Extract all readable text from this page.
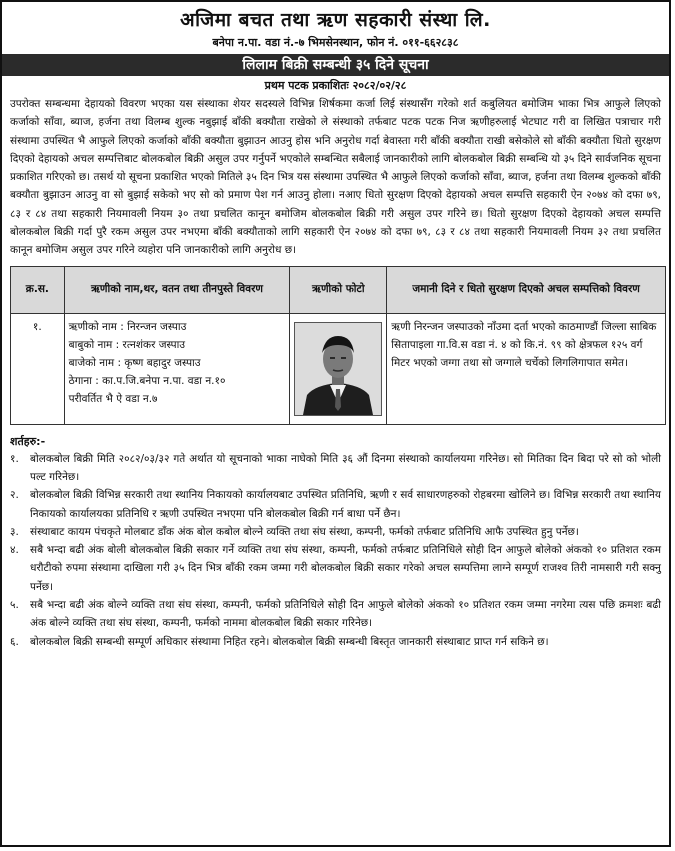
अजिमा बचत तथा ऋण सहकारी संस्था लि.
बनेपा न.पा. वडा नं.-७ भिमसेनस्थान, फोन नं. ०११-६६२८३८
लिलाम बिक्री सम्बन्धी ३५ दिने सूचना
प्रथम पटक प्रकाशितः २०८२/०२/२८
उपरोक्त सम्बन्धमा देहायको विवरण भएका यस संस्थाका शेयर सदस्यले विभिन्न शिर्षकमा कर्जा लिई संस्थासँग गरेको शर्त कबुलियत बमोजिम भाका भित्र आफुले लिएको कर्जाको साँवा, ब्याज, हर्जना तथा विलम्ब शुल्क नबुझाई बाँकी बक्यौता राखेको ले संस्थाको तर्फबाट पटक पटक निज ऋणीहरुलाई भेटघाट गरी वा लिखित पत्राचार गरी संस्थामा उपस्थित भै आफुले लिएको कर्जाको बाँकी बक्यौता बुझाउन आउनु होस भनि अनुरोध गर्दा बेवास्ता गरी बाँकी बक्यौता राखी बसेकोले सो बाँकी बक्यौता धितो सुरक्षण दिएको देहायको अचल सम्पत्तिबाट बोलकबोल बिक्री असुल उपर गर्नुपर्ने भएकोले सम्बन्धित सबैलाई जानकारीको लागि बोलकबोल बिक्री सम्बन्धि यो ३५ दिने सार्वजनिक सूचना प्रकाशित गरिएको छ। तसर्थ यो सूचना प्रकाशित भएको मितिले ३५ दिन भित्र यस संस्थामा उपस्थित भै आफुले लिएको कर्जाको साँवा, ब्याज, हर्जना तथा विलम्ब शुल्कको बाँकी बक्यौता बुझाउन आउनु वा सो बुझाई सकेको भए सो को प्रमाण पेश गर्न आउनु होला। नआए धितो सुरक्षण दिएको देहायको अचल सम्पत्ति सहकारी ऐन २०७४ को दफा ७९, ८३ र ८४ तथा सहकारी नियमावली नियम ३० तथा प्रचलित कानून बमोजिम बोलकबोल बिक्री गरी असुल उपर गरिने छ। धितो सुरक्षण दिएको देहायको अचल सम्पत्ति बोलकबोल बिक्री गर्दा पुरै रकम असुल उपर नभएमा बाँकी बक्यौताको लागि सहकारी ऐन २०७४ को दफा ७९, ८३ र ८४ तथा सहकारी नियमावली नियम ३२ तथा प्रचलित कानून बमोजिम असुल उपर गरिने व्यहोरा पनि जानकारीको लागि अनुरोध छ।
क्र.स.	ऋणीको नाम,थर, वतन तथा तीनपुस्ते विवरण	ऋणीको फोटो	जमानी दिने र धितो सुरक्षण दिएको अचल सम्पत्तिको विवरण
१.	ऋणीको नाम : निरन्जन जस्पाउ
बाबुको नाम : रत्नशंकर जस्पाउ
बाजेको नाम : कृष्ण बहादुर जस्पाउ
ठेगाना : का.प.जि.बनेपा न.पा. वडा न.१०
परीवर्तित भै ऐ वडा न.७		ऋणी निरन्जन जस्पाउको नाँउमा दर्ता भएको काठमाण्डौं जिल्ला साबिक सितापाइला गा.वि.स वडा नं. ४ को कि.नं. ९९ को क्षेत्रफल १२५ वर्ग मिटर भएको जग्गा तथा सो जग्गाले चर्चेको लिगलिगापात समेत।
शर्तहरु:-
१.	बोलकबोल बिक्री मिति २०८२/०३/३२ गते अर्थात यो सूचनाको भाका नाघेको मिति ३६ औं दिनमा संस्थाको कार्यालयमा गरिनेछ। सो मितिका दिन बिदा परे सो को भोली पल्ट गरिनेछ।
२.	बोलकबोल बिक्री विभिन्न सरकारी तथा स्थानिय निकायको कार्यालयबाट उपस्थित प्रतिनिधि, ऋणी र सर्व साधारणहरुको रोहबरमा खोलिने छ। विभिन्न सरकारी तथा स्थानिय निकायको कार्यालयका प्रतिनिधि र ऋणी उपस्थित नभएमा पनि बोलकबोल बिक्री गर्न बाधा पर्ने छैन।
३.	संस्थाबाट कायम पंचकृते मोलबाट डाँक अंक बोल कबोल बोल्ने व्यक्ति तथा संघ संस्था, कम्पनी, फर्मको तर्फबाट प्रतिनिधि आफै उपस्थित हुनु पर्नेछ।
४.	सबै भन्दा बढी अंक बोली बोलकबोल बिक्री सकार गर्ने व्यक्ति तथा संघ संस्था, कम्पनी, फर्मको तर्फबाट प्रतिनिधिले सोही दिन आफुले बोलेको अंकको १० प्रतिशत रकम धरौटीको रुपमा संस्थामा दाखिला गरी ३५ दिन भित्र बाँकी रकम जम्मा गरी बोलकबोल बिक्री सकार गरेको अचल सम्पत्तिमा लाग्ने सम्पूर्ण राजश्व तिरी नामसारी गरी सक्नु पर्नेछ।
५.	सबै भन्दा बढी अंक बोल्ने व्यक्ति तथा संघ संस्था, कम्पनी, फर्मको प्रतिनिधिले सोही दिन आफुले बोलेको अंकको १० प्रतिशत रकम जम्मा नगरेमा त्यस पछि क्रमशः बढी अंक बोल्ने व्यक्ति तथा संघ संस्था, कम्पनी, फर्मको नाममा बोलकबोल बिक्री सकार गरिनेछ।
६.	बोलकबोल बिक्री सम्बन्धी सम्पूर्ण अधिकार संस्थामा निहित रहने। बोलकबोल बिक्री सम्बन्धी बिस्तृत जानकारी संस्थाबाट प्राप्त गर्न सकिने छ।
